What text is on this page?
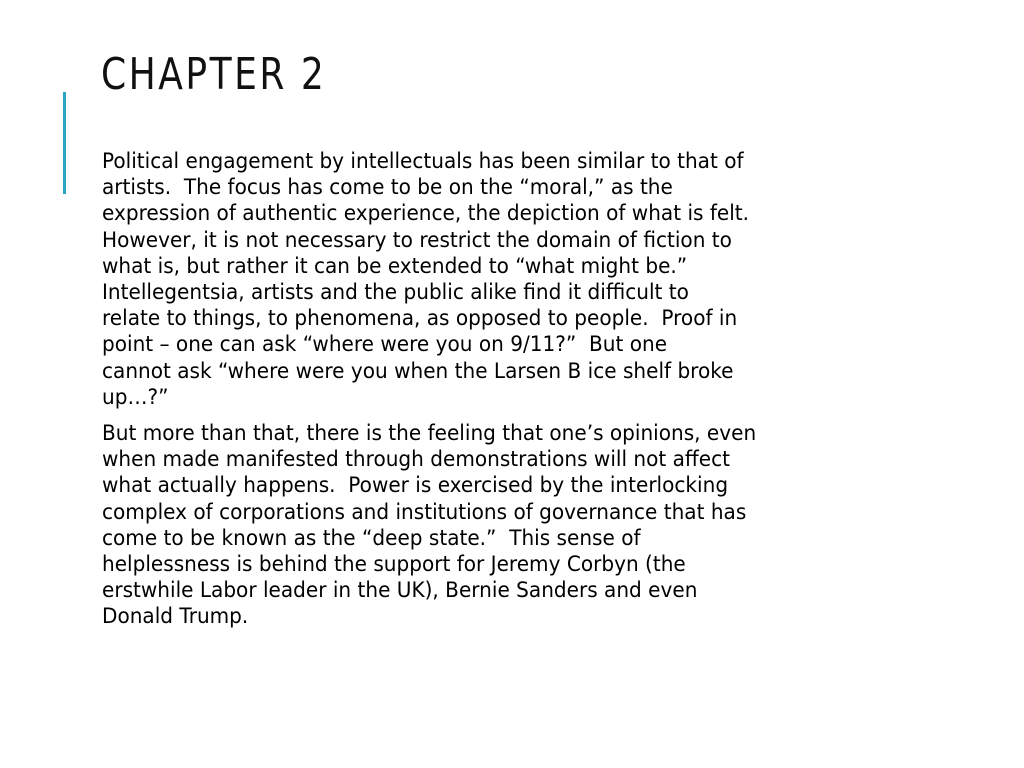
CHAPTER 2

Political engagement by intellectuals has been similar to that of
artists.  The focus has come to be on the “moral,” as the
expression of authentic experience, the depiction of what is felt.
However, it is not necessary to restrict the domain of fiction to
what is, but rather it can be extended to “what might be.”
Intellegentsia, artists and the public alike find it difficult to
relate to things, to phenomena, as opposed to people.  Proof in
point – one can ask “where were you on 9/11?”  But one
cannot ask “where were you when the Larsen B ice shelf broke
up…?”

But more than that, there is the feeling that one’s opinions, even
when made manifested through demonstrations will not affect
what actually happens.  Power is exercised by the interlocking
complex of corporations and institutions of governance that has
come to be known as the “deep state.”  This sense of
helplessness is behind the support for Jeremy Corbyn (the
erstwhile Labor leader in the UK), Bernie Sanders and even
Donald Trump.
